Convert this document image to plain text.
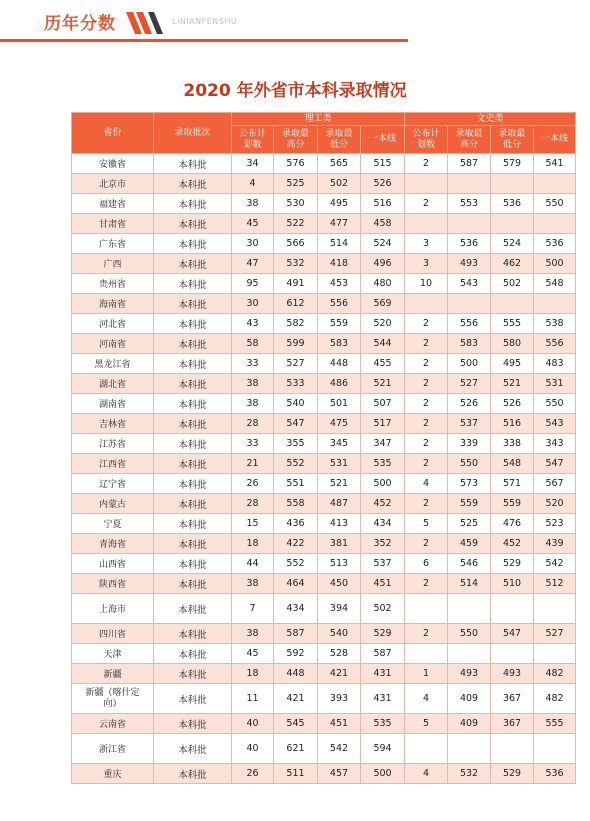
历年分数	LINIANFENSHU
2020 年外省市本科录取情况
省份	录取批次	理工类				文史类			
		公布计划数	录取最高分	录取最低分	一本线	公布计划数	录取最高分	录取最低分	一本线
安徽省	本科批	34	576	565	515	2	587	579	541
北京市	本科批	4	525	502	526				
福建省	本科批	38	530	495	516	2	553	536	550
甘肃省	本科批	45	522	477	458				
广东省	本科批	30	566	514	524	3	536	524	536
广西	本科批	47	532	418	496	3	493	462	500
贵州省	本科批	95	491	453	480	10	543	502	548
海南省	本科批	30	612	556	569				
河北省	本科批	43	582	559	520	2	556	555	538
河南省	本科批	58	599	583	544	2	583	580	556
黑龙江省	本科批	33	527	448	455	2	500	495	483
湖北省	本科批	38	533	486	521	2	527	521	531
湖南省	本科批	38	540	501	507	2	526	526	550
吉林省	本科批	28	547	475	517	2	537	516	543
江苏省	本科批	33	355	345	347	2	339	338	343
江西省	本科批	21	552	531	535	2	550	548	547
辽宁省	本科批	26	551	521	500	4	573	571	567
内蒙古	本科批	28	558	487	452	2	559	559	520
宁夏	本科批	15	436	413	434	5	525	476	523
青海省	本科批	18	422	381	352	2	459	452	439
山西省	本科批	44	552	513	537	6	546	529	542
陕西省	本科批	38	464	450	451	2	514	510	512
上海市	本科批	7	434	394	502				
四川省	本科批	38	587	540	529	2	550	547	527
天津	本科批	45	592	528	587				
新疆	本科批	18	448	421	431	1	493	493	482
新疆（喀什定向）	本科批	11	421	393	431	4	409	367	482
云南省	本科批	40	545	451	535	5	409	367	555
浙江省	本科批	40	621	542	594				
重庆	本科批	26	511	457	500	4	532	529	536
